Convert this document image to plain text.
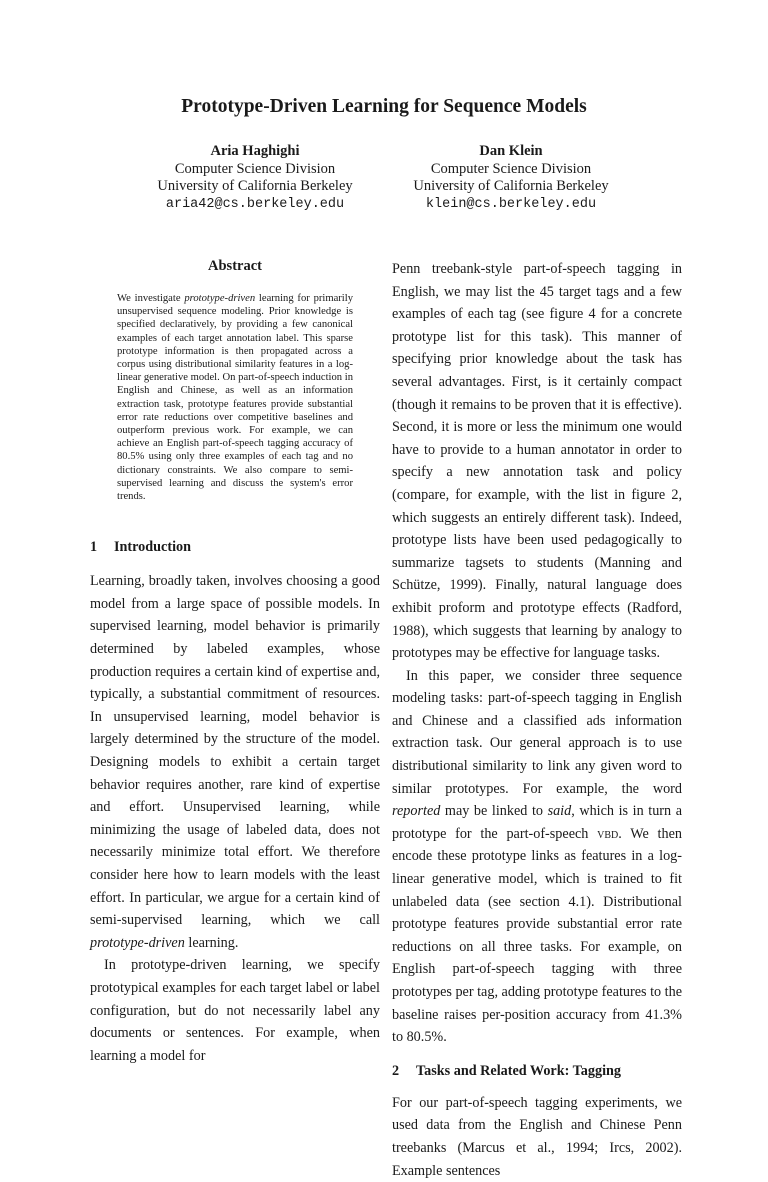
Prototype-Driven Learning for Sequence Models
Aria Haghighi
Computer Science Division
University of California Berkeley
aria42@cs.berkeley.edu
Dan Klein
Computer Science Division
University of California Berkeley
klein@cs.berkeley.edu
Abstract

We investigate prototype-driven learning for primarily unsupervised sequence modeling. Prior knowledge is specified declaratively, by providing a few canonical examples of each target annotation label. This sparse prototype information is then propagated across a corpus using distributional similarity features in a log-linear generative model. On part-of-speech induction in English and Chinese, as well as an information extraction task, prototype features provide substantial error rate reductions over competitive baselines and outperform previous work. For example, we can achieve an English part-of-speech tagging accuracy of 80.5% using only three examples of each tag and no dictionary constraints. We also compare to semi-supervised learning and discuss the system's error trends.

1 Introduction

Learning, broadly taken, involves choosing a good model from a large space of possible models. In supervised learning, model behavior is primarily determined by labeled examples, whose production requires a certain kind of expertise and, typically, a substantial commitment of resources. In unsupervised learning, model behavior is largely determined by the structure of the model. Designing models to exhibit a certain target behavior requires another, rare kind of expertise and effort. Unsupervised learning, while minimizing the usage of labeled data, does not necessarily minimize total effort. We therefore consider here how to learn models with the least effort. In particular, we argue for a certain kind of semi-supervised learning, which we call prototype-driven learning.

In prototype-driven learning, we specify prototypical examples for each target label or label configuration, but do not necessarily label any documents or sentences. For example, when learning a model for

Penn treebank-style part-of-speech tagging in English, we may list the 45 target tags and a few examples of each tag (see figure 4 for a concrete prototype list for this task). This manner of specifying prior knowledge about the task has several advantages. First, is it certainly compact (though it remains to be proven that it is effective). Second, it is more or less the minimum one would have to provide to a human annotator in order to specify a new annotation task and policy (compare, for example, with the list in figure 2, which suggests an entirely different task). Indeed, prototype lists have been used pedagogically to summarize tagsets to students (Manning and Schütze, 1999). Finally, natural language does exhibit proform and prototype effects (Radford, 1988), which suggests that learning by analogy to prototypes may be effective for language tasks.

In this paper, we consider three sequence modeling tasks: part-of-speech tagging in English and Chinese and a classified ads information extraction task. Our general approach is to use distributional similarity to link any given word to similar prototypes. For example, the word reported may be linked to said, which is in turn a prototype for the part-of-speech vbd. We then encode these prototype links as features in a log-linear generative model, which is trained to fit unlabeled data (see section 4.1). Distributional prototype features provide substantial error rate reductions on all three tasks. For example, on English part-of-speech tagging with three prototypes per tag, adding prototype features to the baseline raises per-position accuracy from 41.3% to 80.5%.

2 Tasks and Related Work: Tagging

For our part-of-speech tagging experiments, we used data from the English and Chinese Penn treebanks (Marcus et al., 1994; Ircs, 2002). Example sentences
